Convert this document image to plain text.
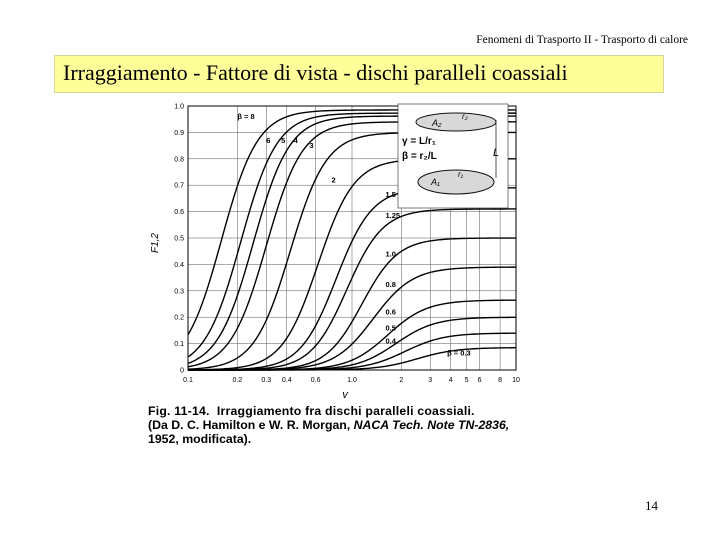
Fenomeni di Trasporto II - Trasporto di calore
Irraggiamento - Fattore di vista - dischi paralleli coassiali
0.1	0.2	0.3 0.4	0.6	1.0	2	3 4 5 6 8 10
0
0.1
0.2
0.3
0.4
0.5
0.6
0.7
0.8
0.9
1.0
β = 8
6 5 4
3
2
1.5
1.25
1.0
0.8
0.6
0.5
0.4
β = 0.3
F1,2
γ
A₂
r₂
A₁
r₁
L
γ = L/r₁
β = r₂/L
Fig. 11-14. Irraggiamento fra dischi paralleli coassiali.
(Da D. C. Hamilton e W. R. Morgan, NACA Tech. Note TN-2836,
1952, modificata).
14
